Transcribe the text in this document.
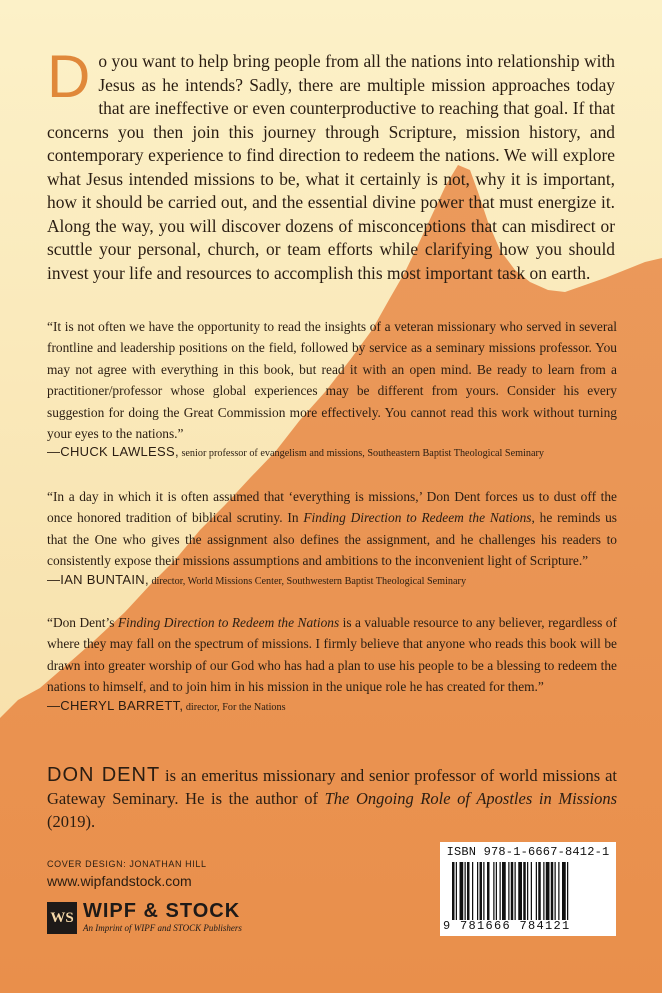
Do you want to help bring people from all the nations into relationship with Jesus as he intends? Sadly, there are multiple mission approaches today that are ineffective or even counterproductive to reaching that goal. If that concerns you then join this journey through Scripture, mission history, and contemporary experience to find direction to redeem the nations. We will explore what Jesus intended missions to be, what it certainly is not, why it is important, how it should be carried out, and the essential divine power that must energize it. Along the way, you will discover dozens of misconceptions that can misdirect or scuttle your personal, church, or team efforts while clarifying how you should invest your life and resources to accomplish this most important task on earth.

“It is not often we have the opportunity to read the insights of a veteran missionary who served in several frontline and leadership positions on the field, followed by service as a seminary missions professor. You may not agree with everything in this book, but read it with an open mind. Be ready to learn from a practitioner/professor whose global experiences may be different from yours. Consider his every suggestion for doing the Great Commission more effectively. You cannot read this work without turning your eyes to the nations.”

—CHUCK LAWLESS, senior professor of evangelism and missions, Southeastern Baptist Theological Seminary

“In a day in which it is often assumed that ‘everything is missions,’ Don Dent forces us to dust off the once honored tradition of biblical scrutiny. In Finding Direction to Redeem the Nations, he reminds us that the One who gives the assignment also defines the assignment, and he challenges his readers to consistently expose their missions assumptions and ambitions to the inconvenient light of Scripture.”

—IAN BUNTAIN, director, World Missions Center, Southwestern Baptist Theological Seminary

“Don Dent’s Finding Direction to Redeem the Nations is a valuable resource to any believer, regardless of where they may fall on the spectrum of missions. I firmly believe that anyone who reads this book will be drawn into greater worship of our God who has had a plan to use his people to be a blessing to redeem the nations to himself, and to join him in his mission in the unique role he has created for them.”

—CHERYL BARRETT, director, For the Nations

DON DENT is an emeritus missionary and senior professor of world missions at Gateway Seminary. He is the author of The Ongoing Role of Apostles in Missions (2019).

COVER DESIGN: JONATHAN HILL
www.wipfandstock.com
WS WIPF & STOCK
An Imprint of WIPF and STOCK Publishers
ISBN 978-1-6667-8412-1
9 781666 784121
